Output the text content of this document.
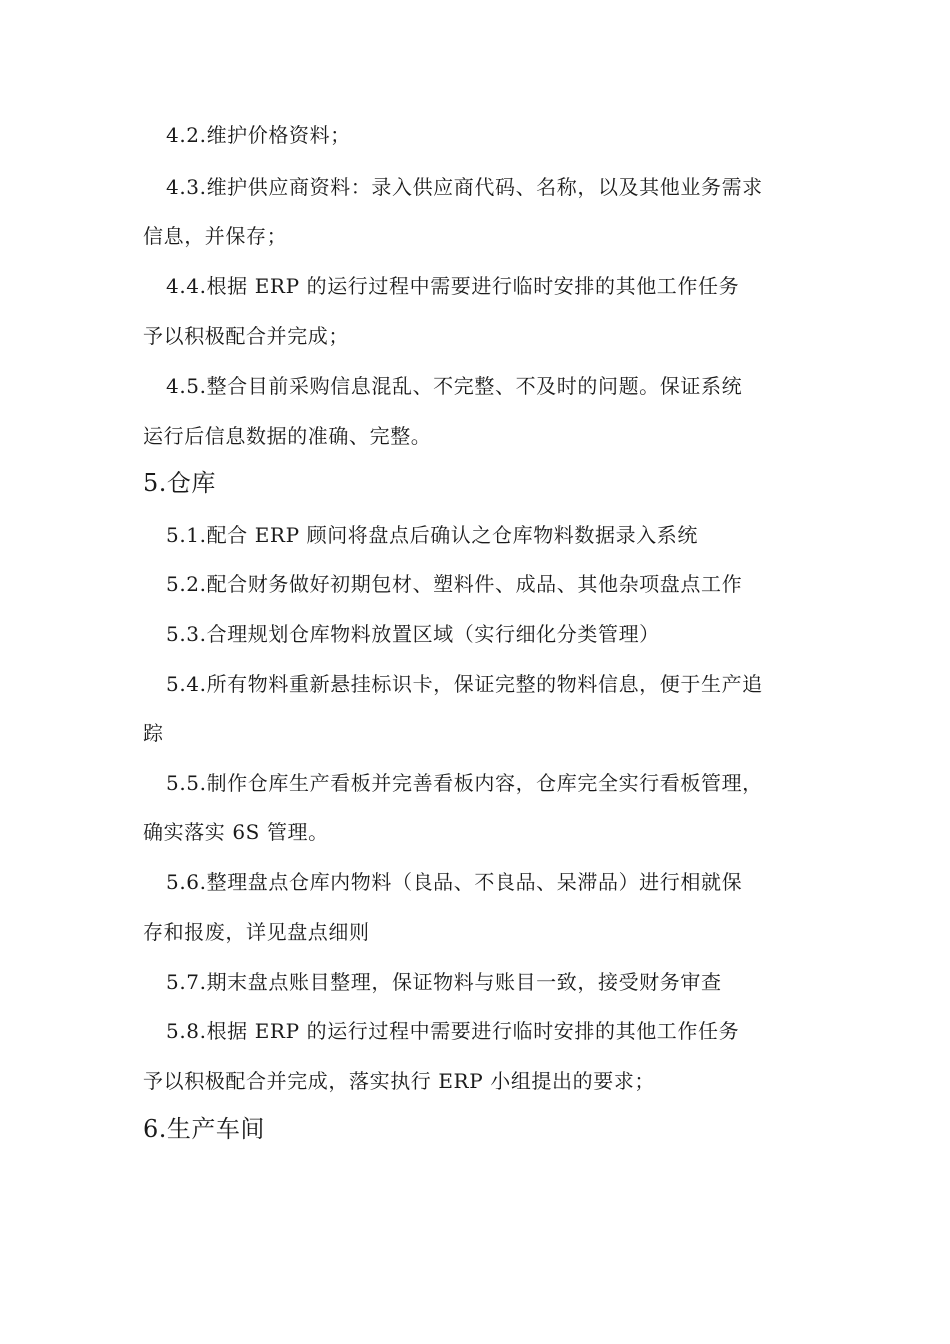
4.2.维护价格资料；
4.3.维护供应商资料：录入供应商代码、名称，以及其他业务需求
信息，并保存；
4.4.根据 ERP 的运行过程中需要进行临时安排的其他工作任务
予以积极配合并完成；
4.5.整合目前采购信息混乱、不完整、不及时的问题。保证系统
运行后信息数据的准确、完整。
5.仓库
5.1.配合 ERP 顾问将盘点后确认之仓库物料数据录入系统
5.2.配合财务做好初期包材、塑料件、成品、其他杂项盘点工作
5.3.合理规划仓库物料放置区域（实行细化分类管理）
5.4.所有物料重新悬挂标识卡，保证完整的物料信息，便于生产追
踪
5.5.制作仓库生产看板并完善看板内容，仓库完全实行看板管理，
确实落实 6S 管理。
5.6.整理盘点仓库内物料（良品、不良品、呆滞品）进行相就保
存和报废，详见盘点细则
5.7.期末盘点账目整理，保证物料与账目一致，接受财务审查
5.8.根据 ERP 的运行过程中需要进行临时安排的其他工作任务
予以积极配合并完成，落实执行 ERP 小组提出的要求；
6.生产车间
